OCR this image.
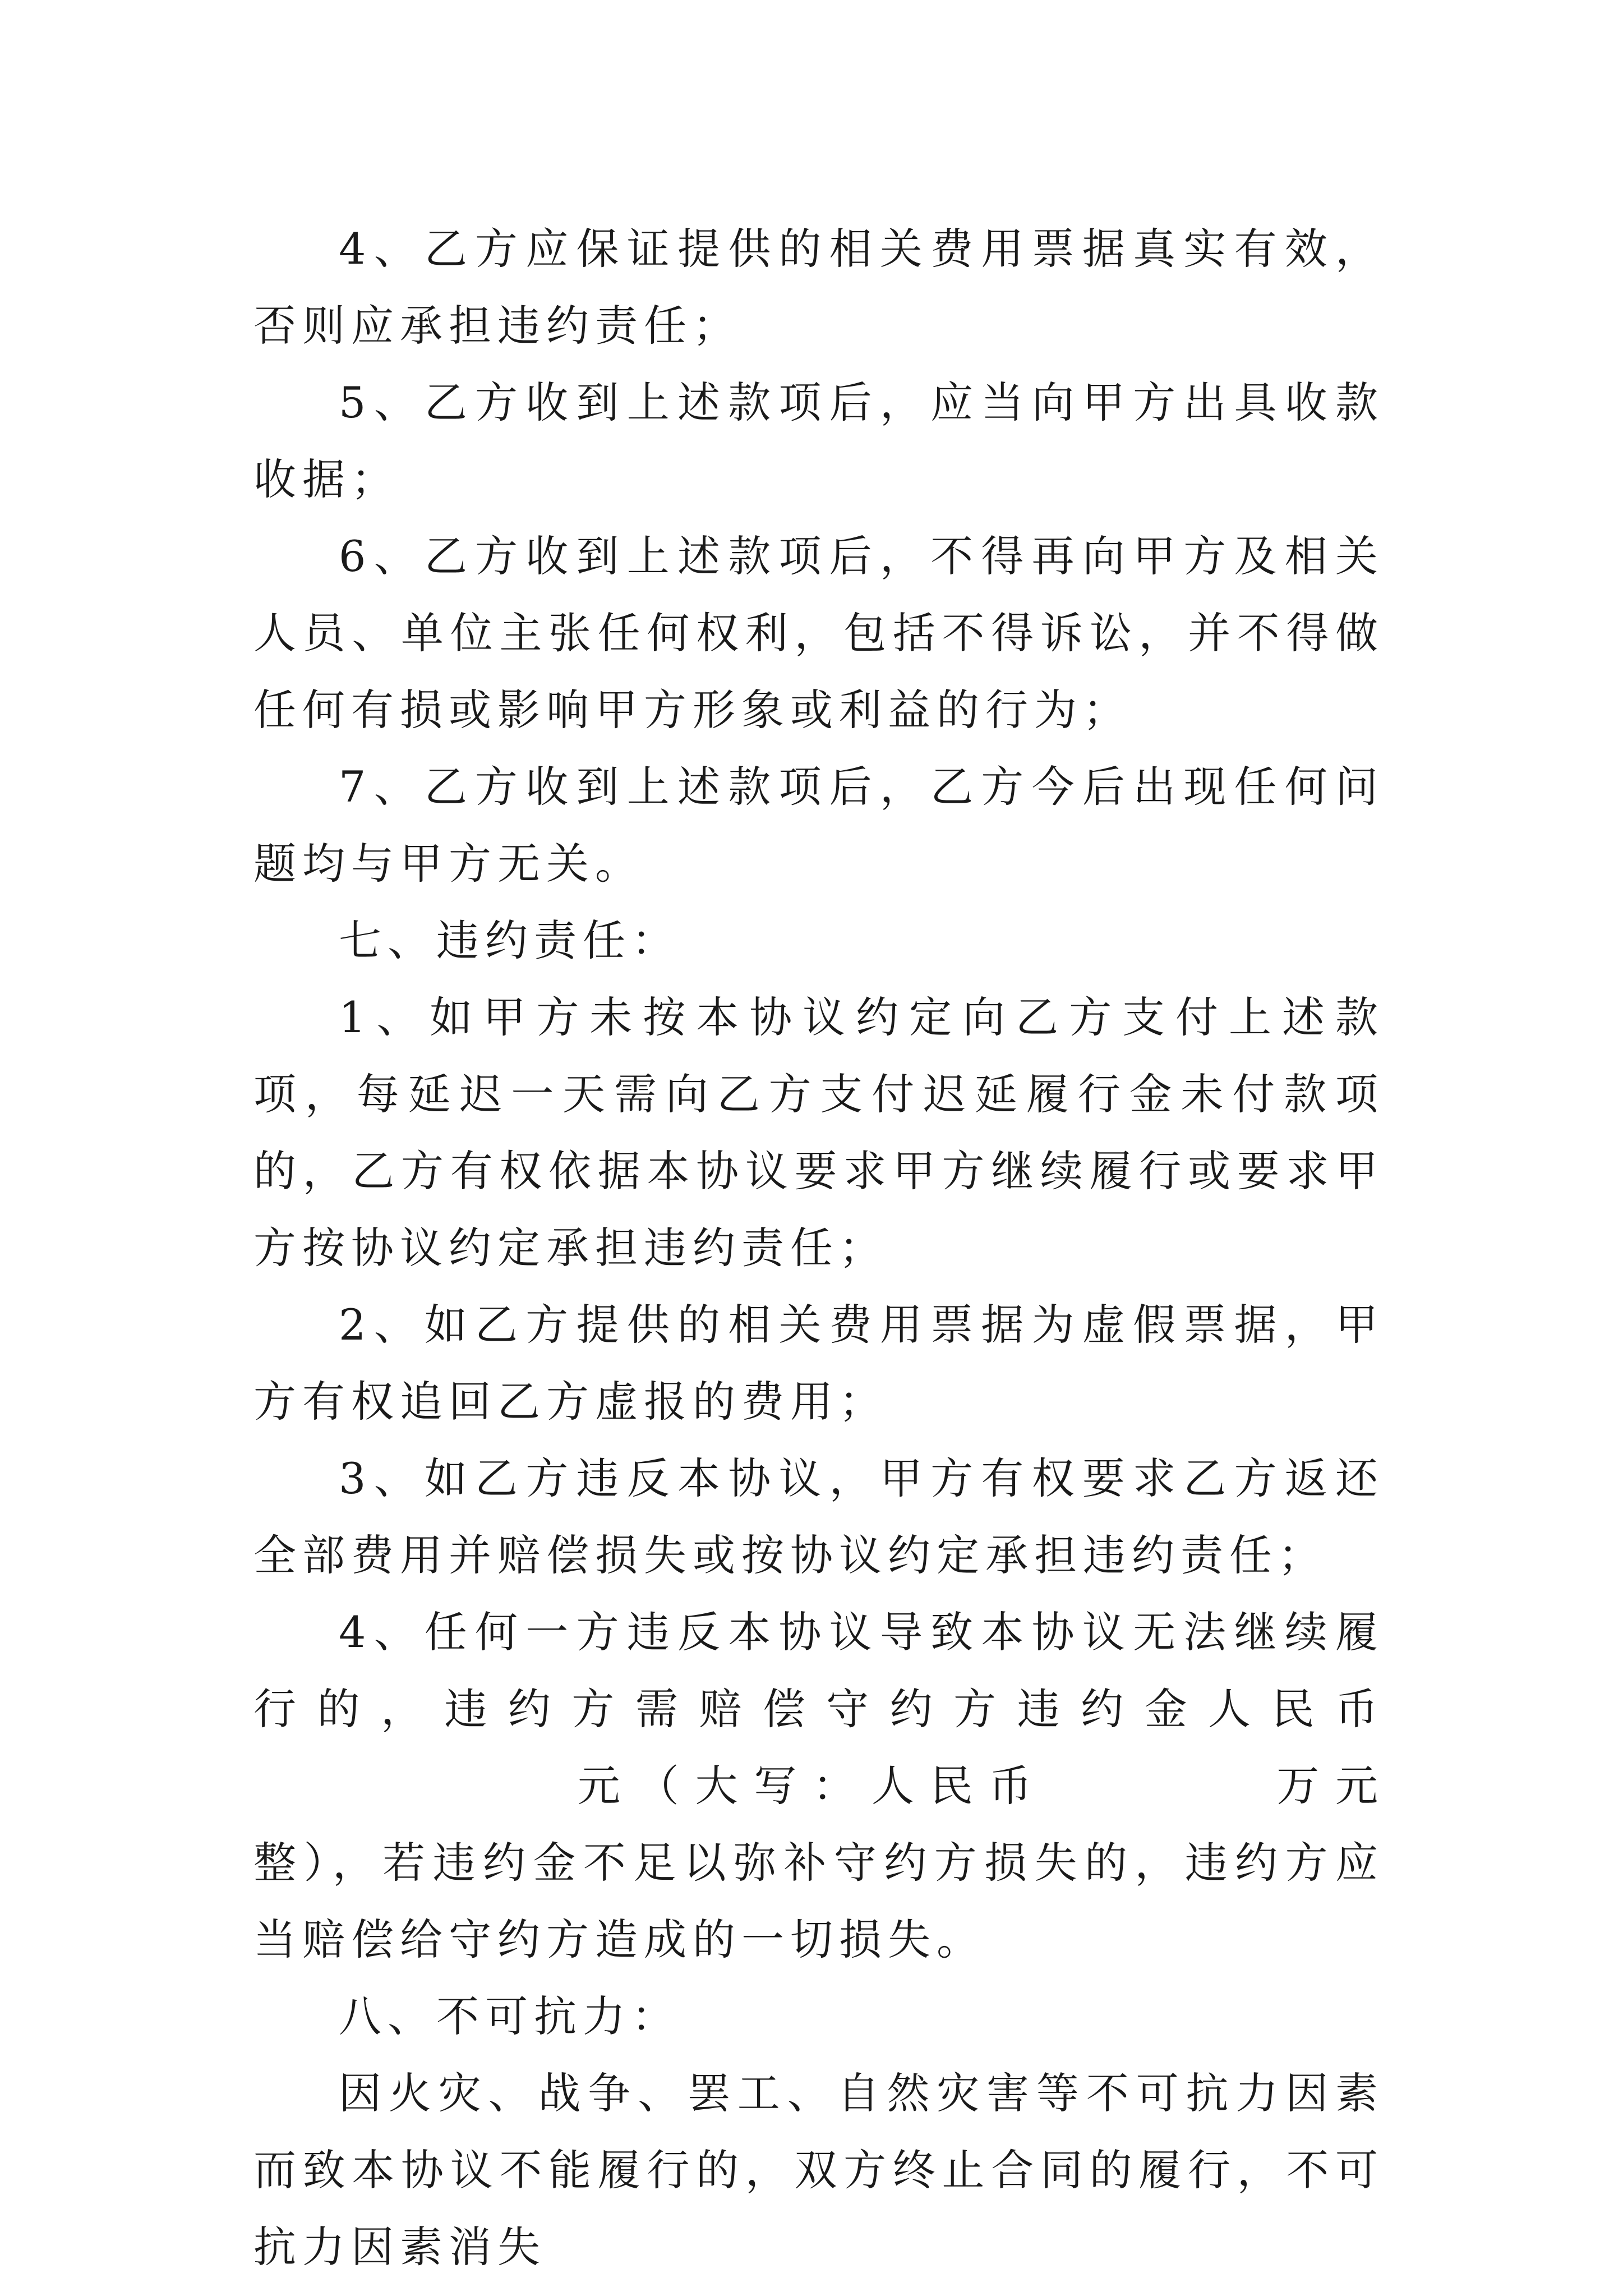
4、乙方应保证提供的相关费用票据真实有效，否则应承担违约责任；

5、乙方收到上述款项后，应当向甲方出具收款收据；

6、乙方收到上述款项后，不得再向甲方及相关人员、单位主张任何权利，包括不得诉讼，并不得做任何有损或影响甲方形象或利益的行为；

7、乙方收到上述款项后，乙方今后出现任何问题均与甲方无关。

七、违约责任：

1、如甲方未按本协议约定向乙方支付上述款项，每延迟一天需向乙方支付迟延履行金未付款项的，乙方有权依据本协议要求甲方继续履行或要求甲方按协议约定承担违约责任；

2、如乙方提供的相关费用票据为虚假票据，甲方有权追回乙方虚报的费用；

3、如乙方违反本协议，甲方有权要求乙方返还全部费用并赔偿损失或按协议约定承担违约责任；

4、任何一方违反本协议导致本协议无法继续履行的，违约方需赔偿守约方违约金人民币元（大写：人民币	万元整），若违约金不足以弥补守约方损失的，违约方应当赔偿给守约方造成的一切损失。

八、不可抗力：

因火灾、战争、罢工、自然灾害等不可抗力因素而致本协议不能履行的，双方终止合同的履行，不可抗力因素消失
